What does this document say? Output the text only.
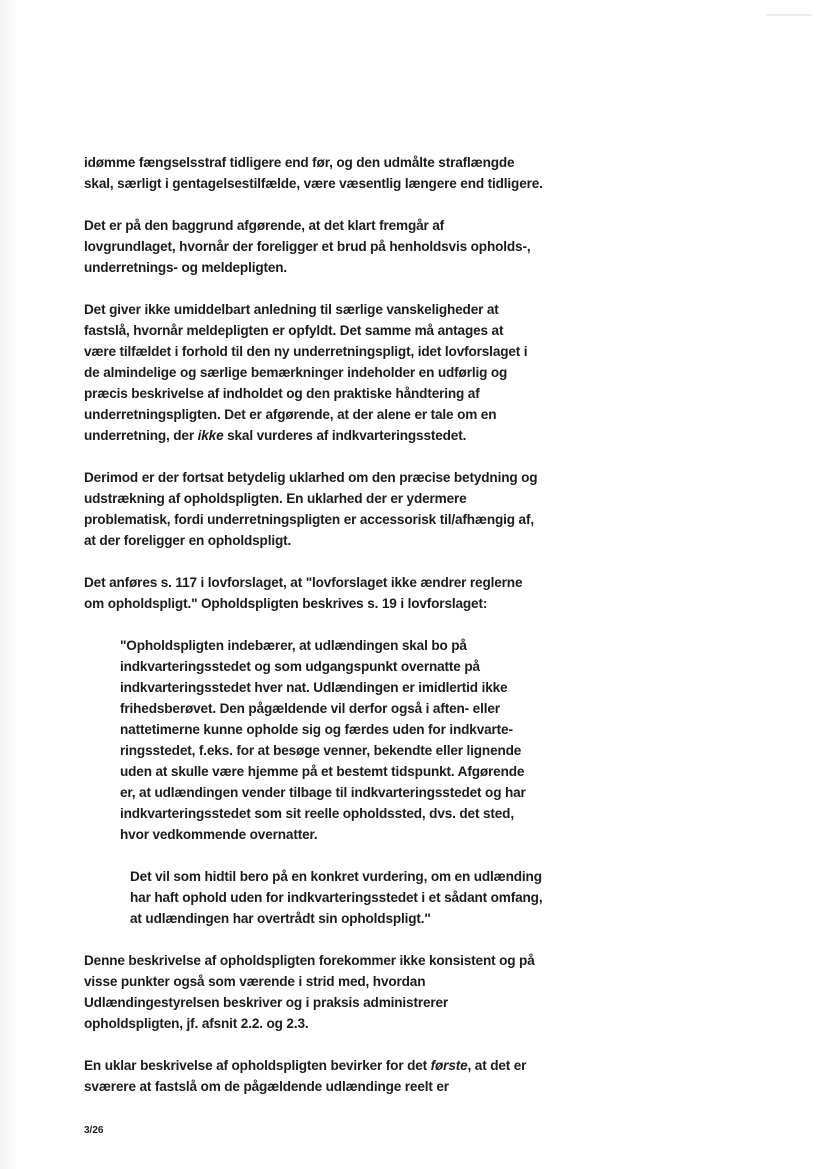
idømme fængselsstraf tidligere end før, og den udmålte straflængde
skal, særligt i gentagelsestilfælde, være væsentlig længere end tidligere.
Det er på den baggrund afgørende, at det klart fremgår af
lovgrundlaget, hvornår der foreligger et brud på henholdsvis opholds-,
underretnings- og meldepligten.
Det giver ikke umiddelbart anledning til særlige vanskeligheder at
fastslå, hvornår meldepligten er opfyldt. Det samme må antages at
være tilfældet i forhold til den ny underretningspligt, idet lovforslaget i
de almindelige og særlige bemærkninger indeholder en udførlig og
præcis beskrivelse af indholdet og den praktiske håndtering af
underretningspligten. Det er afgørende, at der alene er tale om en
underretning, der ikke skal vurderes af indkvarteringsstedet.
Derimod er der fortsat betydelig uklarhed om den præcise betydning og
udstrækning af opholdspligten. En uklarhed der er ydermere
problematisk, fordi underretningspligten er accessorisk til/afhængig af,
at der foreligger en opholdspligt.
Det anføres s. 117 i lovforslaget, at "lovforslaget ikke ændrer reglerne
om opholdspligt." Opholdspligten beskrives s. 19 i lovforslaget:
"Opholdspligten indebærer, at udlændingen skal bo på
indkvarteringsstedet og som udgangspunkt overnatte på
indkvarteringsstedet hver nat. Udlændingen er imidlertid ikke
frihedsberøvet. Den pågældende vil derfor også i aften- eller
nattetimerne kunne opholde sig og færdes uden for indkvarte-
ringsstedet, f.eks. for at besøge venner, bekendte eller lignende
uden at skulle være hjemme på et bestemt tidspunkt. Afgørende
er, at udlændingen vender tilbage til indkvarteringsstedet og har
indkvarteringsstedet som sit reelle opholdssted, dvs. det sted,
hvor vedkommende overnatter.
Det vil som hidtil bero på en konkret vurdering, om en udlænding
har haft ophold uden for indkvarteringsstedet i et sådant omfang,
at udlændingen har overtrådt sin opholdspligt."
Denne beskrivelse af opholdspligten forekommer ikke konsistent og på
visse punkter også som værende i strid med, hvordan
Udlændingestyrelsen beskriver og i praksis administrerer
opholdspligten, jf. afsnit 2.2. og 2.3.
En uklar beskrivelse af opholdspligten bevirker for det første, at det er
sværere at fastslå om de pågældende udlændinge reelt er
3/26
